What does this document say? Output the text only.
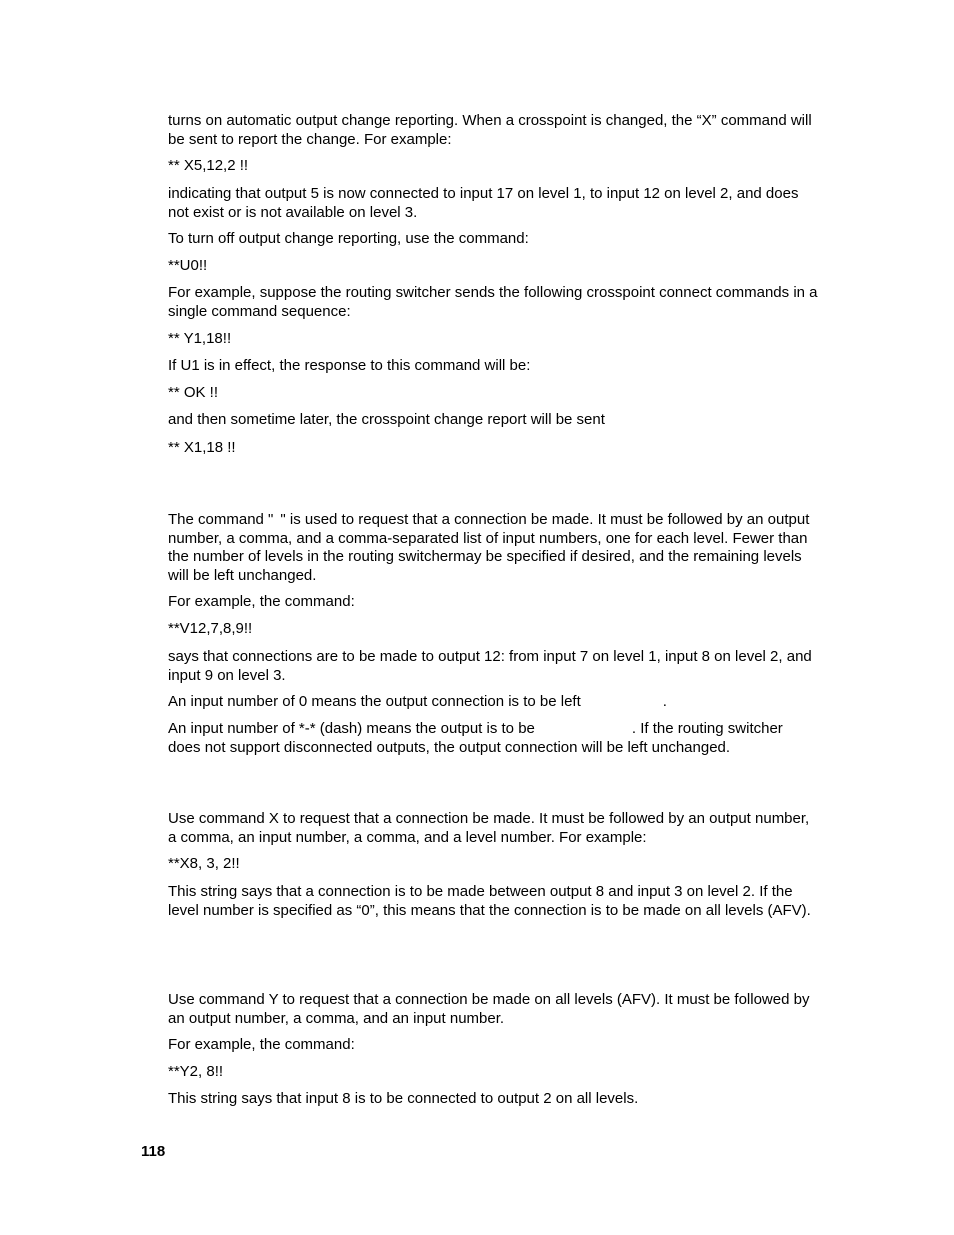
turns on automatic output change reporting. When a crosspoint is changed, the “X” command will be sent to report the change. For example:

** X5,12,2 !!

indicating that output 5 is now connected to input 17 on level 1, to input 12 on level 2, and does not exist or is not available on level 3.

To turn off output change reporting, use the command:

**U0!!

For example, suppose the routing switcher sends the following crosspoint connect commands in a single command sequence:

** Y1,18!!

If U1 is in effect, the response to this command will be:

** OK !!

and then sometime later, the crosspoint change report will be sent

** X1,18 !!

The command " " is used to request that a connection be made. It must be followed by an output number, a comma, and a comma-separated list of input numbers, one for each level. Fewer than the number of levels in the routing switchermay be specified if desired, and the remaining levels will be left unchanged.

For example, the command:

**V12,7,8,9!!

says that connections are to be made to output 12: from input 7 on level 1, input 8 on level 2, and input 9 on level 3.

An input number of 0 means the output connection is to be left	.

An input number of *-* (dash) means the output is to be	. If the routing switcher does not support disconnected outputs, the output connection will be left unchanged.

Use command X to request that a connection be made. It must be followed by an output number, a comma, an input number, a comma, and a level number. For example:

**X8, 3, 2!!

This string says that a connection is to be made between output 8 and input 3 on level 2. If the level number is specified as “0”, this means that the connection is to be made on all levels (AFV).

Use command Y to request that a connection be made on all levels (AFV). It must be followed by an output number, a comma, and an input number.

For example, the command:

**Y2, 8!!

This string says that input 8 is to be connected to output 2 on all levels.

118
